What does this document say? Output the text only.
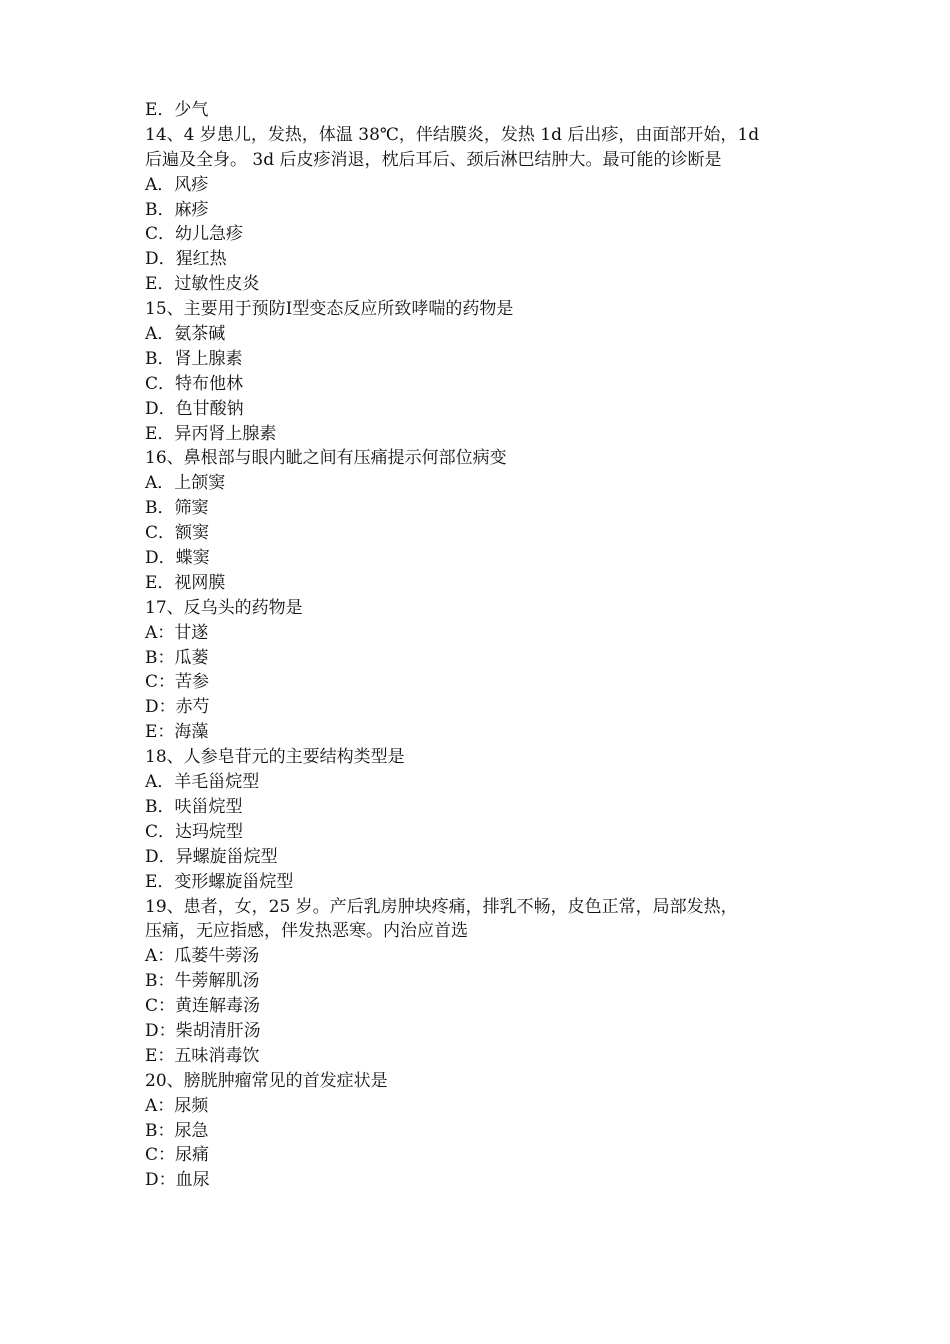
E．少气
14、4 岁患儿，发热，体温 38℃，伴结膜炎，发热 1d 后出疹，由面部开始，1d
后遍及全身。 3d 后皮疹消退，枕后耳后、颈后淋巴结肿大。最可能的诊断是
A．风疹
B．麻疹
C．幼儿急疹
D．猩红热
E．过敏性皮炎
15、主要用于预防Ⅰ型变态反应所致哮喘的药物是
A．氨茶碱
B．肾上腺素
C．特布他林
D．色甘酸钠
E．异丙肾上腺素
16、鼻根部与眼内眦之间有压痛提示何部位病变
A．上颌窦
B．筛窦
C．额窦
D．蝶窦
E．视网膜
17、反乌头的药物是
A：甘遂
B：瓜蒌
C：苦参
D：赤芍
E：海藻
18、人参皂苷元的主要结构类型是
A．羊毛甾烷型
B．呋甾烷型
C．达玛烷型
D．异螺旋甾烷型
E．变形螺旋甾烷型
19、患者，女，25 岁。产后乳房肿块疼痛，排乳不畅，皮色正常，局部发热，
压痛，无应指感，伴发热恶寒。内治应首选
A：瓜蒌牛蒡汤
B：牛蒡解肌汤
C：黄连解毒汤
D：柴胡清肝汤
E：五味消毒饮
20、膀胱肿瘤常见的首发症状是
A：尿频
B：尿急
C：尿痛
D：血尿
